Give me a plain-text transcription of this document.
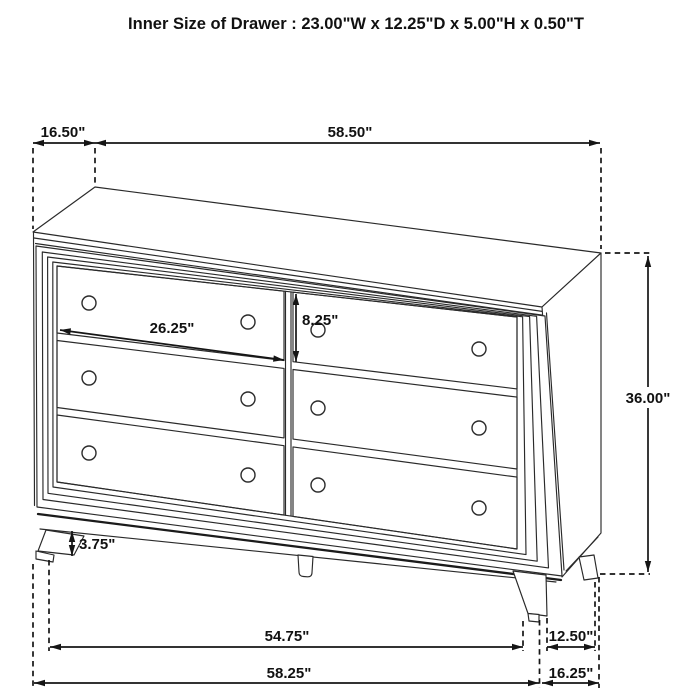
Inner Size of Drawer : 23.00"W x 12.25"D x 5.00"H x 0.50"T
16.50"	58.50"
36.00"
26.25"	8.25"
3.75"
54.75"
58.25"
12.50"
16.25"
